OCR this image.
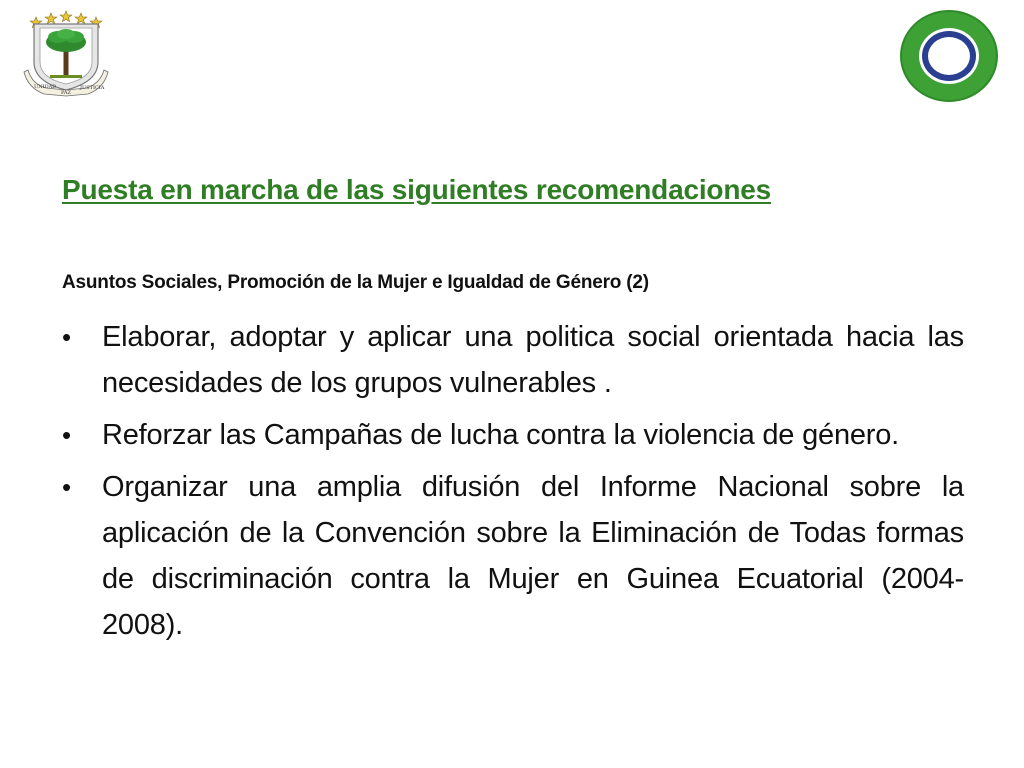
UNIDAD
PAZ
JUSTICIA
Puesta en marcha de las siguientes recomendaciones
Asuntos Sociales, Promoción de la Mujer e Igualdad de Género (2)
• Elaborar, adoptar y aplicar una politica social orientada hacia las necesidades de los grupos vulnerables .
• Reforzar las Campañas de lucha contra la violencia de género.
• Organizar una amplia difusión del Informe Nacional sobre la aplicación de la Convención sobre la Eliminación de Todas formas de discriminación contra la Mujer en Guinea Ecuatorial (2004-2008).
